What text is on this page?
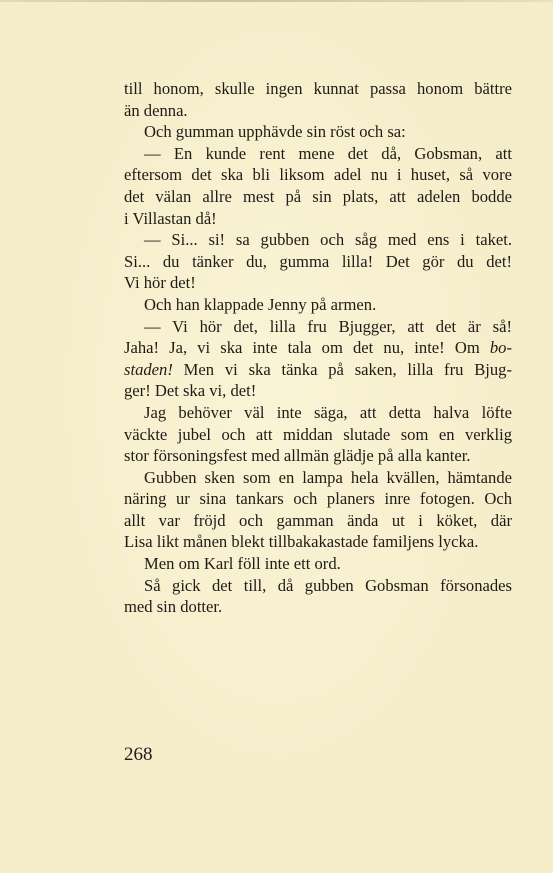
till honom, skulle ingen kunnat passa honom bättre
än denna.
Och gumman upphävde sin röst och sa:
— En kunde rent mene det då, Gobsman, att
eftersom det ska bli liksom adel nu i huset, så vore
det välan allre mest på sin plats, att adelen bodde
i Villastan då!
— Si... si! sa gubben och såg med ens i taket.
Si... du tänker du, gumma lilla! Det gör du det!
Vi hör det!
Och han klappade Jenny på armen.
— Vi hör det, lilla fru Bjugger, att det är så!
Jaha! Ja, vi ska inte tala om det nu, inte! Om bo-
staden! Men vi ska tänka på saken, lilla fru Bjug-
ger! Det ska vi, det!
Jag behöver väl inte säga, att detta halva löfte
väckte jubel och att middan slutade som en verklig
stor försoningsfest med allmän glädje på alla kanter.
Gubben sken som en lampa hela kvällen, hämtande
näring ur sina tankars och planers inre fotogen. Och
allt var fröjd och gamman ända ut i köket, där
Lisa likt månen blekt tillbakakastade familjens lycka.
Men om Karl föll inte ett ord.
Så gick det till, då gubben Gobsman försonades
med sin dotter.
268
